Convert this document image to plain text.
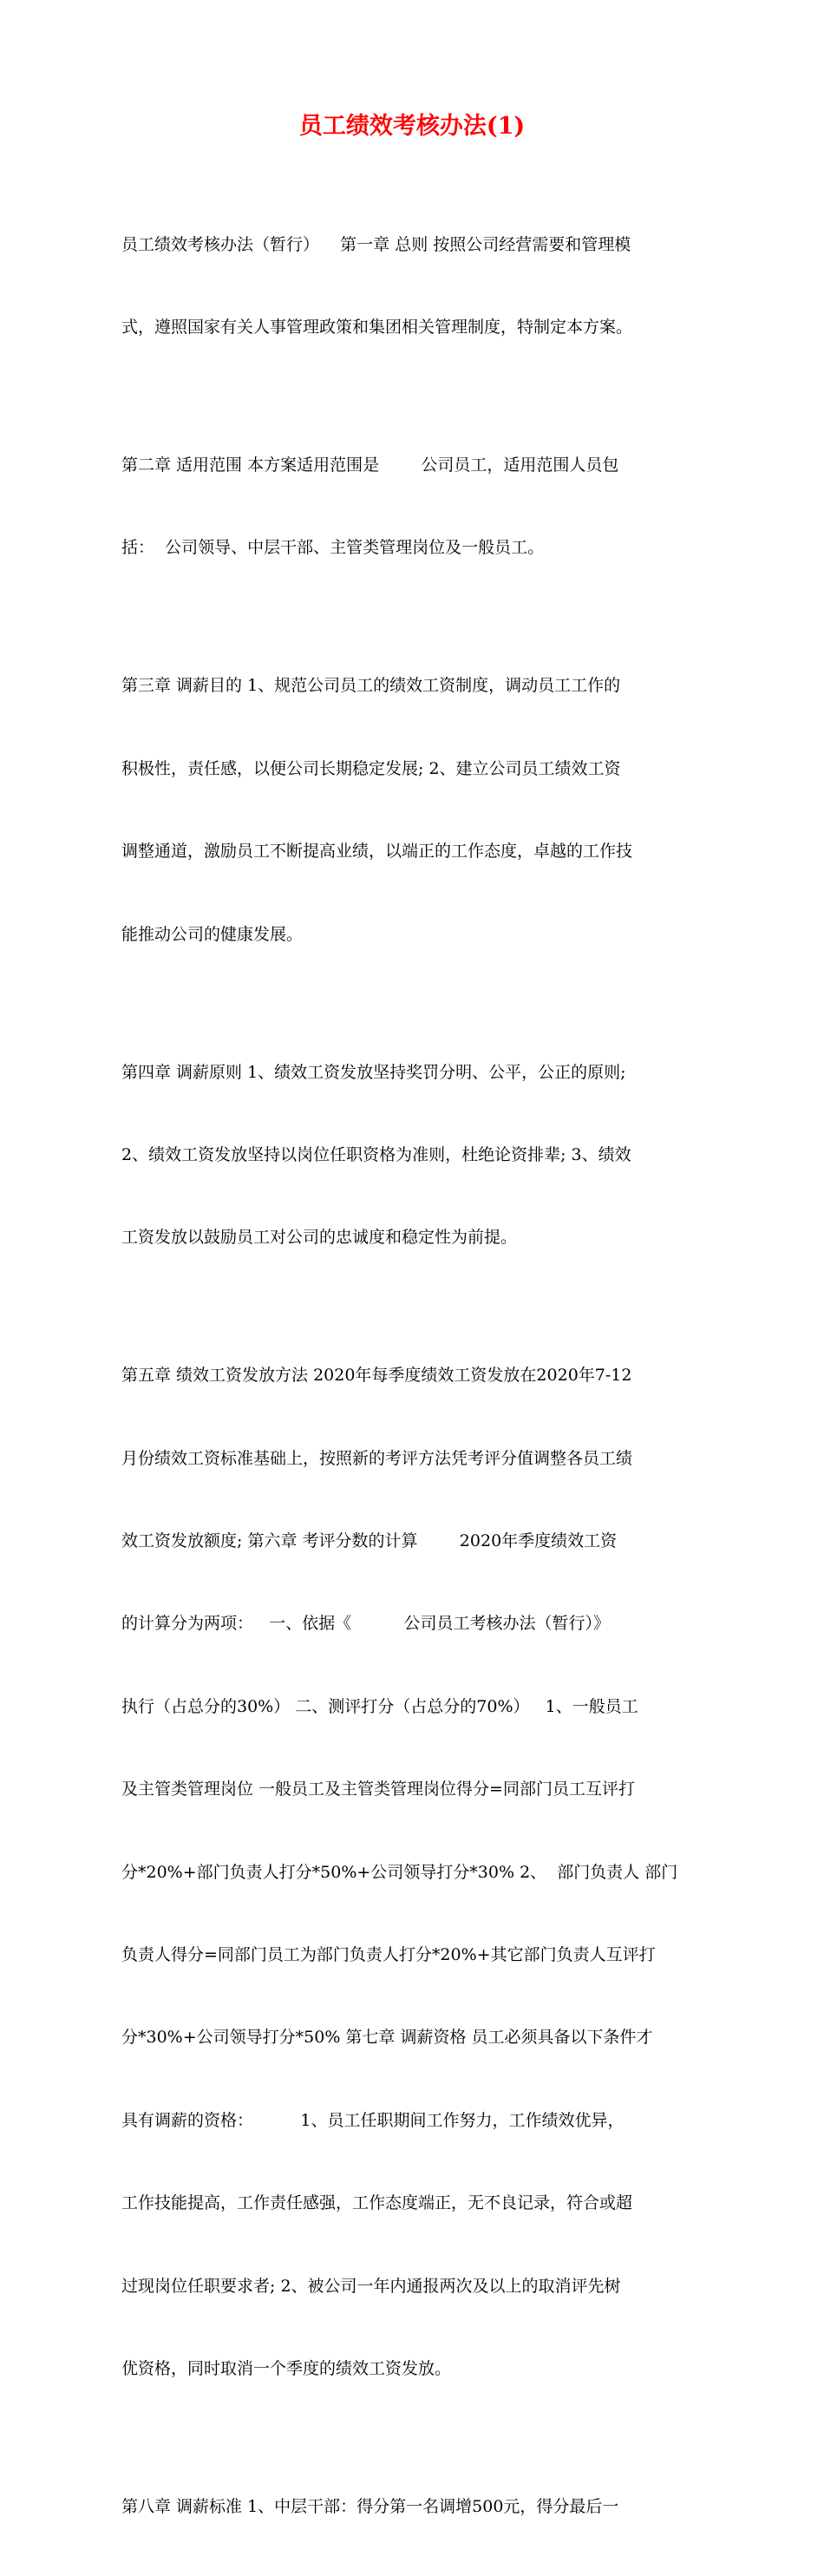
员工绩效考核办法(1)

员工绩效考核办法（暂行）    第一章 总则 按照公司经营需要和管理模

式，遵照国家有关人事管理政策和集团相关管理制度，特制定本方案。

第二章 适用范围 本方案适用范围是        公司员工，适用范围人员包

括：  公司领导、中层干部、主管类管理岗位及一般员工。

第三章 调薪目的 1、规范公司员工的绩效工资制度，调动员工工作的

积极性，责任感，以便公司长期稳定发展; 2、建立公司员工绩效工资

调整通道，激励员工不断提高业绩，以端正的工作态度，卓越的工作技

能推动公司的健康发展。

第四章 调薪原则 1、绩效工资发放坚持奖罚分明、公平，公正的原则;

2、绩效工资发放坚持以岗位任职资格为准则，杜绝论资排辈; 3、绩效

工资发放以鼓励员工对公司的忠诚度和稳定性为前提。

第五章 绩效工资发放方法 2020年每季度绩效工资发放在2020年7-12

月份绩效工资标准基础上，按照新的考评方法凭考评分值调整各员工绩

效工资发放额度; 第六章 考评分数的计算        2020年季度绩效工资

的计算分为两项：   一、依据《          公司员工考核办法（暂行）》

执行（占总分的30%） 二、测评打分（占总分的70%）   1、一般员工

及主管类管理岗位 一般员工及主管类管理岗位得分=同部门员工互评打

分*20%+部门负责人打分*50%+公司领导打分*30% 2、  部门负责人 部门

负责人得分=同部门员工为部门负责人打分*20%+其它部门负责人互评打

分*30%+公司领导打分*50% 第七章 调薪资格 员工必须具备以下条件才

具有调薪的资格：         1、员工任职期间工作努力，工作绩效优异，

工作技能提高，工作责任感强，工作态度端正，无不良记录，符合或超

过现岗位任职要求者; 2、被公司一年内通报两次及以上的取消评先树

优资格，同时取消一个季度的绩效工资发放。

第八章 调薪标准 1、中层干部：得分第一名调增500元，得分最后一
